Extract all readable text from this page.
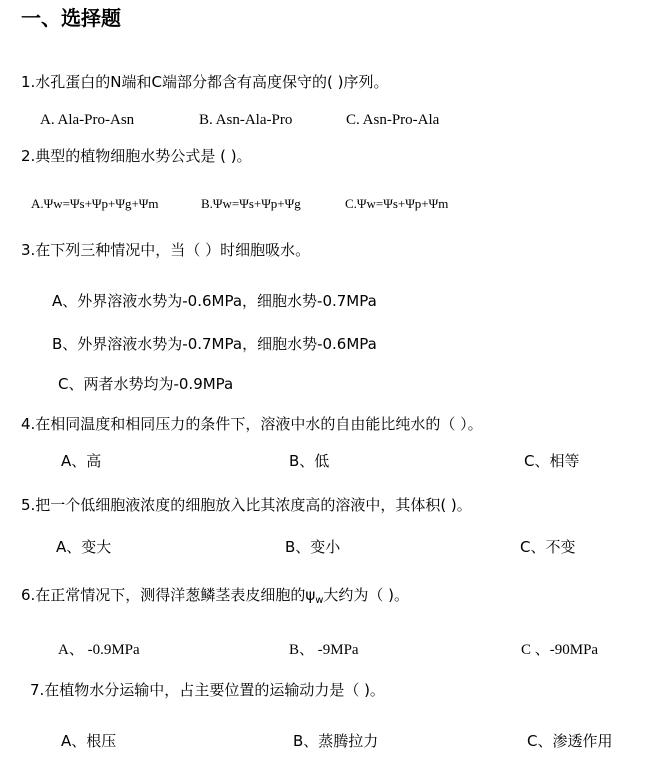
一、选择题
1.水孔蛋白的N端和C端部分都含有高度保守的( )序列。
A. Ala-Pro-Asn	B. Asn-Ala-Pro	C. Asn-Pro-Ala
2.典型的植物细胞水势公式是 ( )。
A.Ψw=Ψs+Ψp+Ψg+Ψm	B.Ψw=Ψs+Ψp+Ψg	C.Ψw=Ψs+Ψp+Ψm
3.在下列三种情况中，当（ ）时细胞吸水。
A、外界溶液水势为-0.6MPa，细胞水势-0.7MPa
B、外界溶液水势为-0.7MPa，细胞水势-0.6MPa
C、两者水势均为-0.9MPa
4.在相同温度和相同压力的条件下，溶液中水的自由能比纯水的（ ）。
A、高	B、低	C、相等
5.把一个低细胞液浓度的细胞放入比其浓度高的溶液中，其体积( )。
A、变大	B、变小	C、不变
6.在正常情况下，测得洋葱鳞茎表皮细胞的$\psi_w$大约为（ )。
A、 -0.9MPa	B、 -9MPa	C 、-90MPa
7.在植物水分运输中，占主要位置的运输动力是（ )。
A、根压	B、蒸腾拉力	C、渗透作用
